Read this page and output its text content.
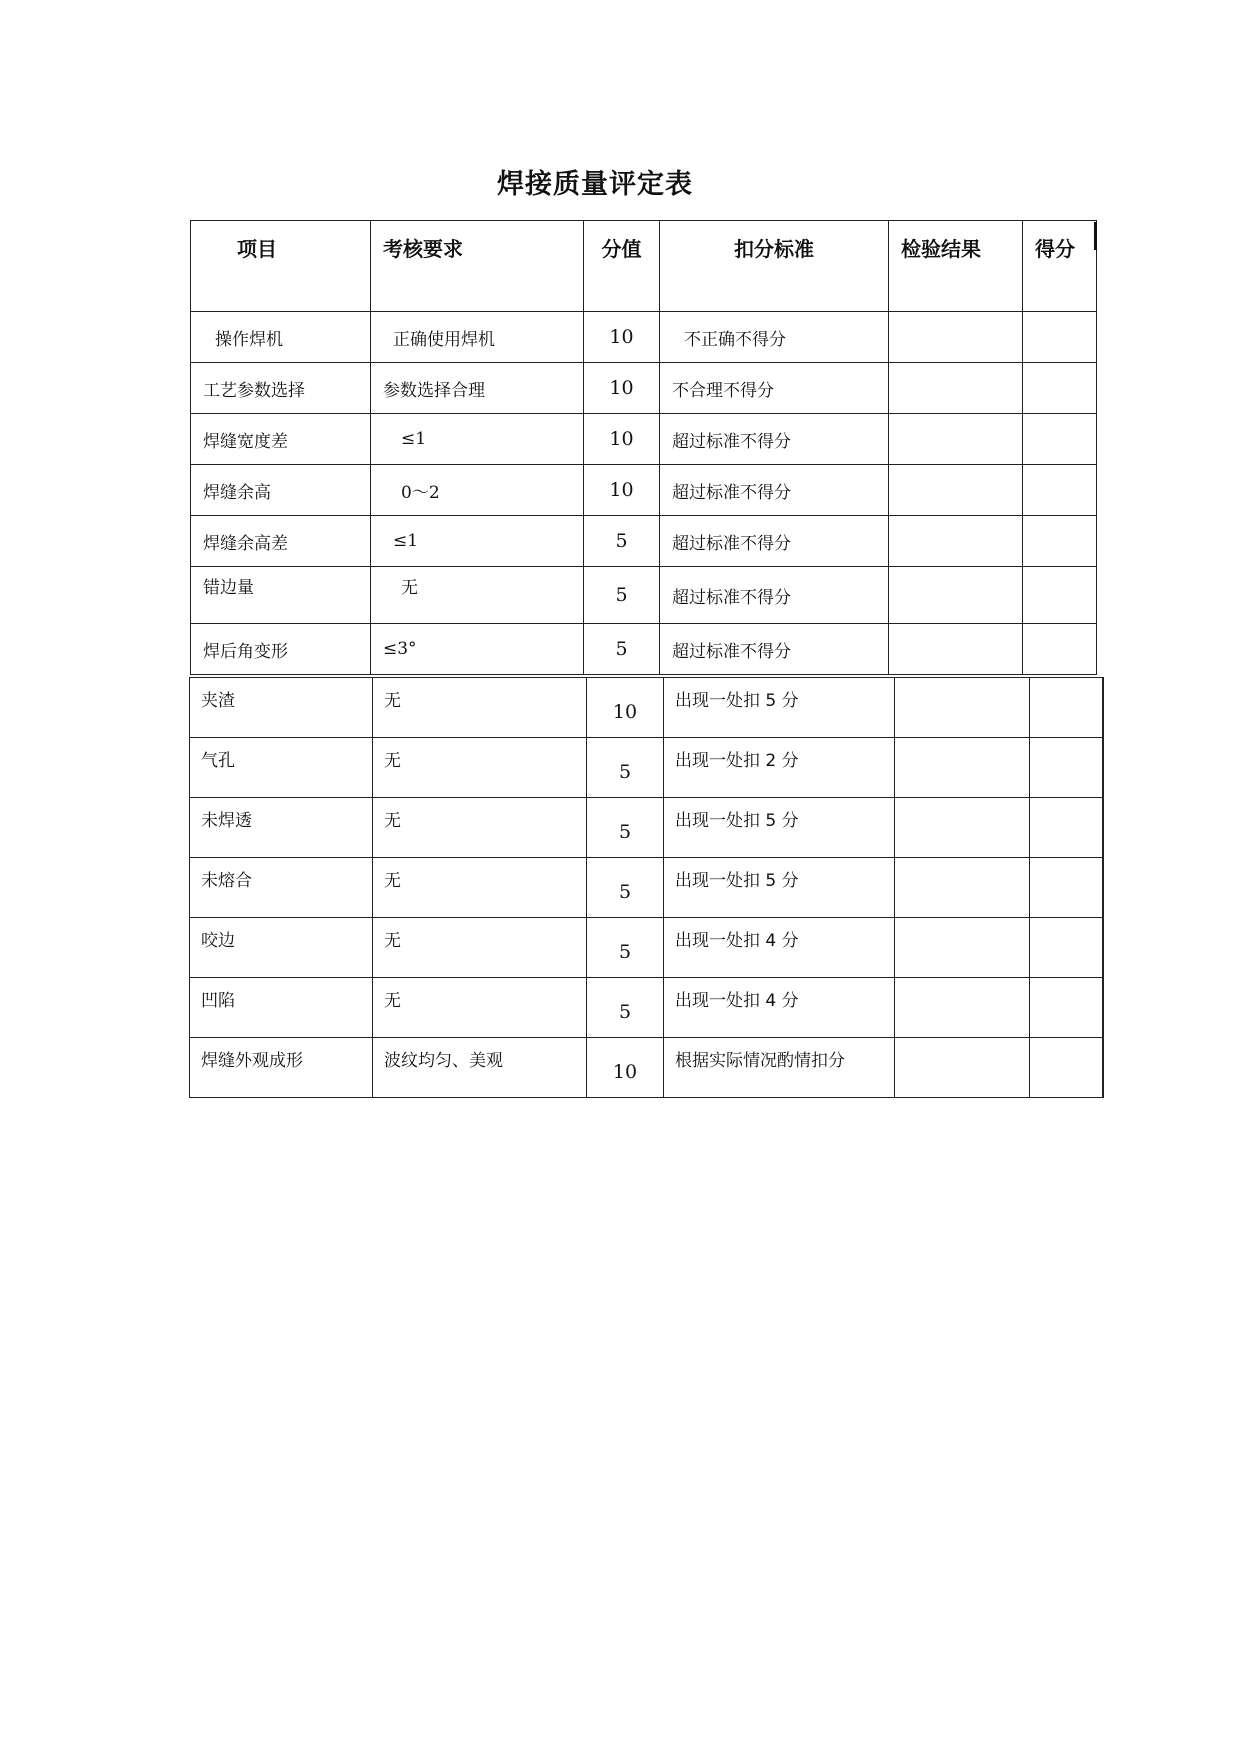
焊接质量评定表
项目	考核要求	分值	扣分标准	检验结果	得分
操作焊机	正确使用焊机	10	不正确不得分		
工艺参数选择	参数选择合理	10	不合理不得分		
焊缝宽度差	≤1	10	超过标准不得分		
焊缝余高	0～2	10	超过标准不得分		
焊缝余高差	≤1	5	超过标准不得分		
错边量	无	5	超过标准不得分		
焊后角变形	≤3°	5	超过标准不得分		
夹渣	无	10	出现一处扣 5 分		
气孔	无	5	出现一处扣 2 分		
未焊透	无	5	出现一处扣 5 分		
未熔合	无	5	出现一处扣 5 分		
咬边	无	5	出现一处扣 4 分		
凹陷	无	5	出现一处扣 4 分		
焊缝外观成形	波纹均匀、美观	10	根据实际情况酌情扣分		
